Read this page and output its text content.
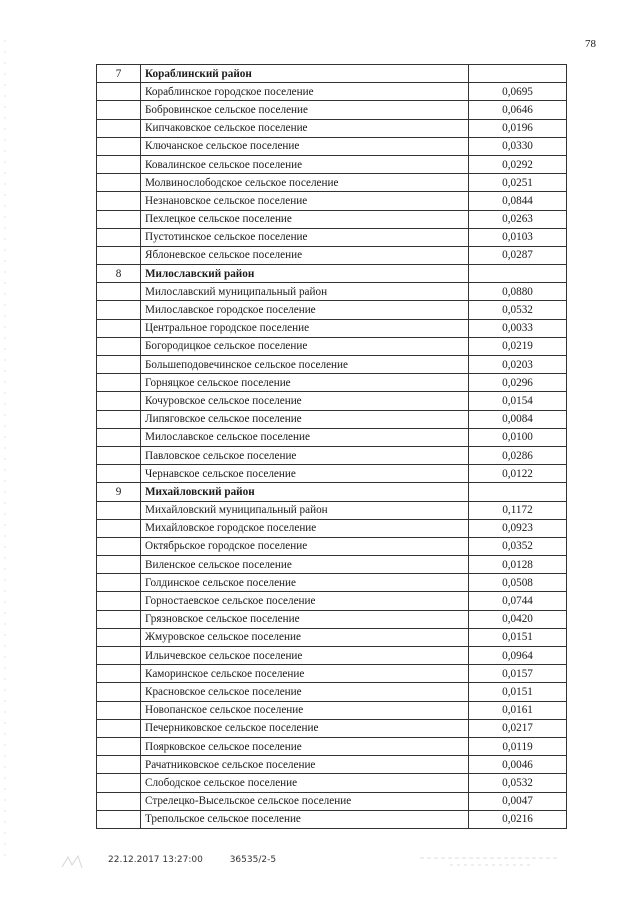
78
7	Кораблинский район	
	Кораблинское городское поселение	0,0695
	Бобровинское сельское поселение	0,0646
	Кипчаковское сельское поселение	0,0196
	Ключанское сельское поселение	0,0330
	Ковалинское сельское поселение	0,0292
	Молвинослободское сельское поселение	0,0251
	Незнановское сельское поселение	0,0844
	Пехлецкое сельское поселение	0,0263
	Пустотинское сельское поселение	0,0103
	Яблоневское сельское поселение	0,0287
8	Милославский район	
	Милославский муниципальный район	0,0880
	Милославское городское поселение	0,0532
	Центральное городское поселение	0,0033
	Богородицкое сельское поселение	0,0219
	Большеподовечинское сельское поселение	0,0203
	Горняцкое сельское поселение	0,0296
	Кочуровское сельское поселение	0,0154
	Липяговское сельское поселение	0,0084
	Милославское сельское поселение	0,0100
	Павловское сельское поселение	0,0286
	Чернавское сельское поселение	0,0122
9	Михайловский район	
	Михайловский муниципальный район	0,1172
	Михайловское городское поселение	0,0923
	Октябрьское городское поселение	0,0352
	Виленское сельское поселение	0,0128
	Голдинское сельское поселение	0,0508
	Горностаевское сельское поселение	0,0744
	Грязновское сельское поселение	0,0420
	Жмуровское сельское поселение	0,0151
	Ильичевское сельское поселение	0,0964
	Каморинское сельское поселение	0,0157
	Красновское сельское поселение	0,0151
	Новопанское сельское поселение	0,0161
	Печерниковское сельское поселение	0,0217
	Поярковское сельское поселение	0,0119
	Рачатниковское сельское поселение	0,0046
	Слободское сельское поселение	0,0532
	Стрелецко-Высельское сельское поселение	0,0047
	Трепольское сельское поселение	0,0216
22.12.2017 13:27:00	36535/2-5
